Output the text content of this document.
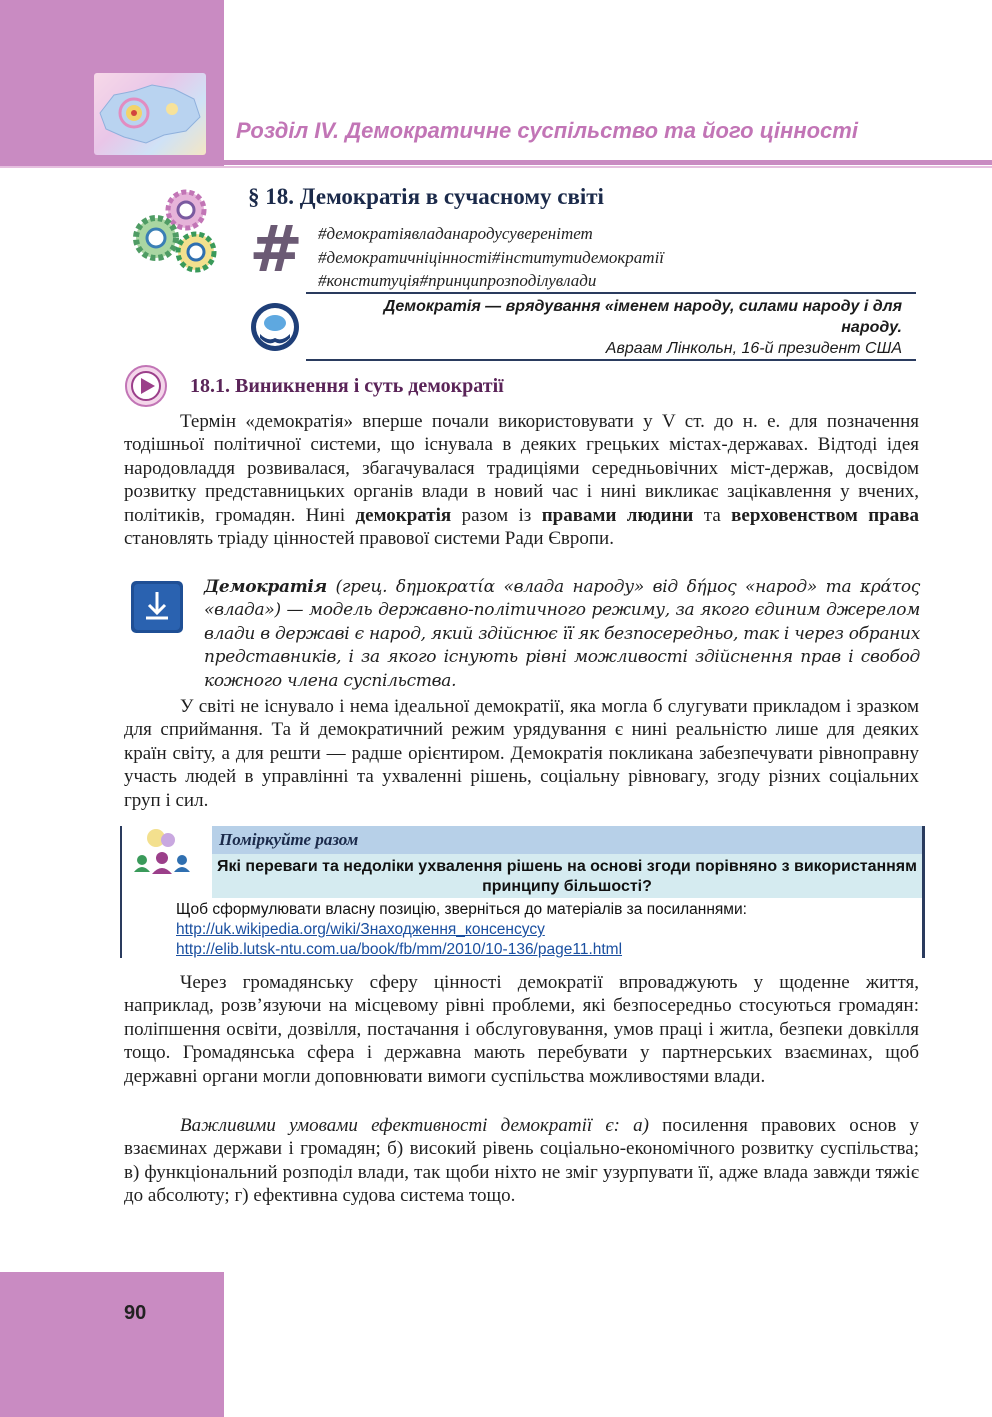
Розділ IV. Демократичне суспільство та його цінності
§ 18. Демократія в сучасному світі
# #демократіявладанародусуверенітет
#демократичніцінності#інститутидемократії
#конституція#принципрозподілувлади
Демократія — врядування «іменем народу, силами народу і для
народу.
Авраам Лінкольн, 16-й президент США
18.1. Виникнення і суть демократії

Термін «демократія» вперше почали використовувати у V ст. до н. е. для позначення тодішньої політичної системи, що існувала в деяких грецьких містах-державах. Відтоді ідея народовладдя розвивалася, збагачувалася традиціями середньовічних міст-держав, досвідом розвитку представницьких органів влади в новий час і нині викликає зацікавлення у вчених, політиків, громадян. Нині демократія разом із правами людини та верховенством права становлять тріаду цінностей правової системи Ради Європи.

Демократія (грец. δημοκρατία «влада народу» від δήμος «народ» та κράτος «влада») — модель державно-політичного режиму, за якого єдиним джерелом влади в державі є народ, який здійснює її як безпосередньо, так і через обраних представників, і за якого існують рівні можливості здійснення прав і свобод кожного члена суспільства.

У світі не існувало і нема ідеальної демократії, яка могла б слугувати прикладом і зразком для сприймання. Та й демократичний режим урядування є нині реальністю лише для деяких країн світу, а для решти — радше орієнтиром. Демократія покликана забезпечувати рівноправну участь людей в управлінні та ухваленні рішень, соціальну рівновагу, згоду різних соціальних груп і сил.

Поміркуйте разом
Які переваги та недоліки ухвалення рішень на основі згоди порівняно з використанням принципу більшості?
Щоб сформулювати власну позицію, зверніться до матеріалів за посиланнями:
http://uk.wikipedia.org/wiki/Знаходження_консенсусу
http://elib.lutsk-ntu.com.ua/book/fb/mm/2010/10-136/page11.html

Через громадянську сферу цінності демократії впроваджують у щоденне життя, наприклад, розв’язуючи на місцевому рівні проблеми, які безпосередньо стосуються громадян: поліпшення освіти, дозвілля, постачання і обслуговування, умов праці і житла, безпеки довкілля тощо. Громадянська сфера і державна мають перебувати у партнерських взаєминах, щоб державні органи могли доповнювати вимоги суспільства можливостями влади.

Важливими умовами ефективності демократії є: а) посилення правових основ у взаєминах держави і громадян; б) високий рівень соціально-економічного розвитку суспільства; в) функціональний розподіл влади, так щоби ніхто не зміг узурпувати її, адже влада завжди тяжіє до абсолюту; г) ефективна судова система тощо.

90
